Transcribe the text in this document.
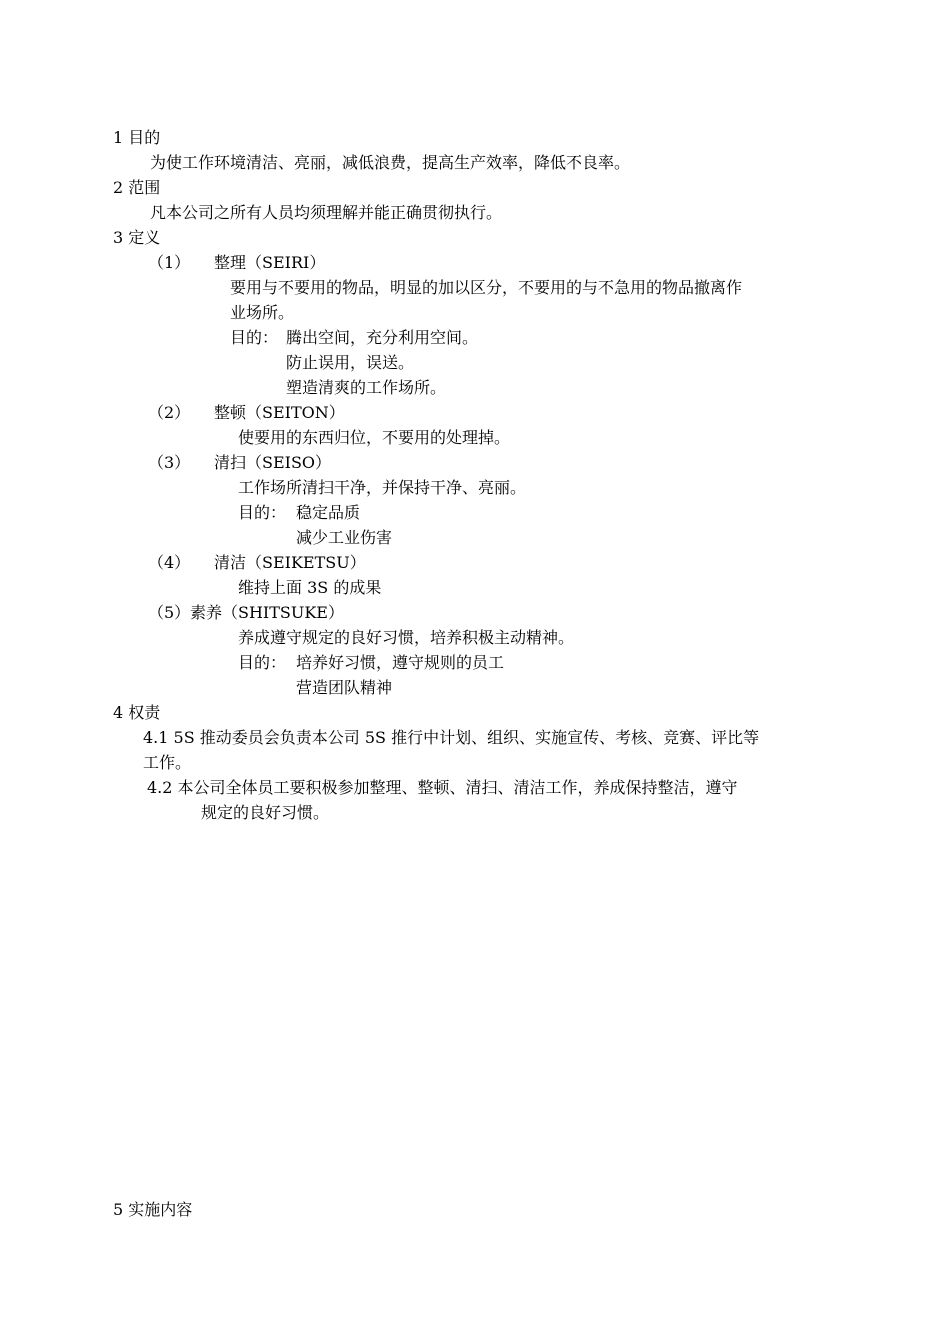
1 目的
为使工作环境清洁、亮丽，减低浪费，提高生产效率，降低不良率。
2 范围
凡本公司之所有人员均须理解并能正确贯彻执行。
3 定义
（1） 整理（SEIRI）
要用与不要用的物品，明显的加以区分，不要用的与不急用的物品撤离作
业场所。
目的： 腾出空间，充分利用空间。
防止误用，误送。
塑造清爽的工作场所。
（2） 整顿（SEITON）
使要用的东西归位，不要用的处理掉。
（3） 清扫（SEISO）
工作场所清扫干净，并保持干净、亮丽。
目的： 稳定品质
减少工业伤害
（4） 清洁（SEIKETSU）
维持上面 3S 的成果
（5） 素养（SHITSUKE）
养成遵守规定的良好习惯，培养积极主动精神。
目的： 培养好习惯，遵守规则的员工
营造团队精神
4 权责
4.1 5S 推动委员会负责本公司 5S 推行中计划、组织、实施宣传、考核、竞赛、评比等
工作。
4.2 本公司全体员工要积极参加整理、整顿、清扫、清洁工作，养成保持整洁，遵守
规定的良好习惯。
5 实施内容
